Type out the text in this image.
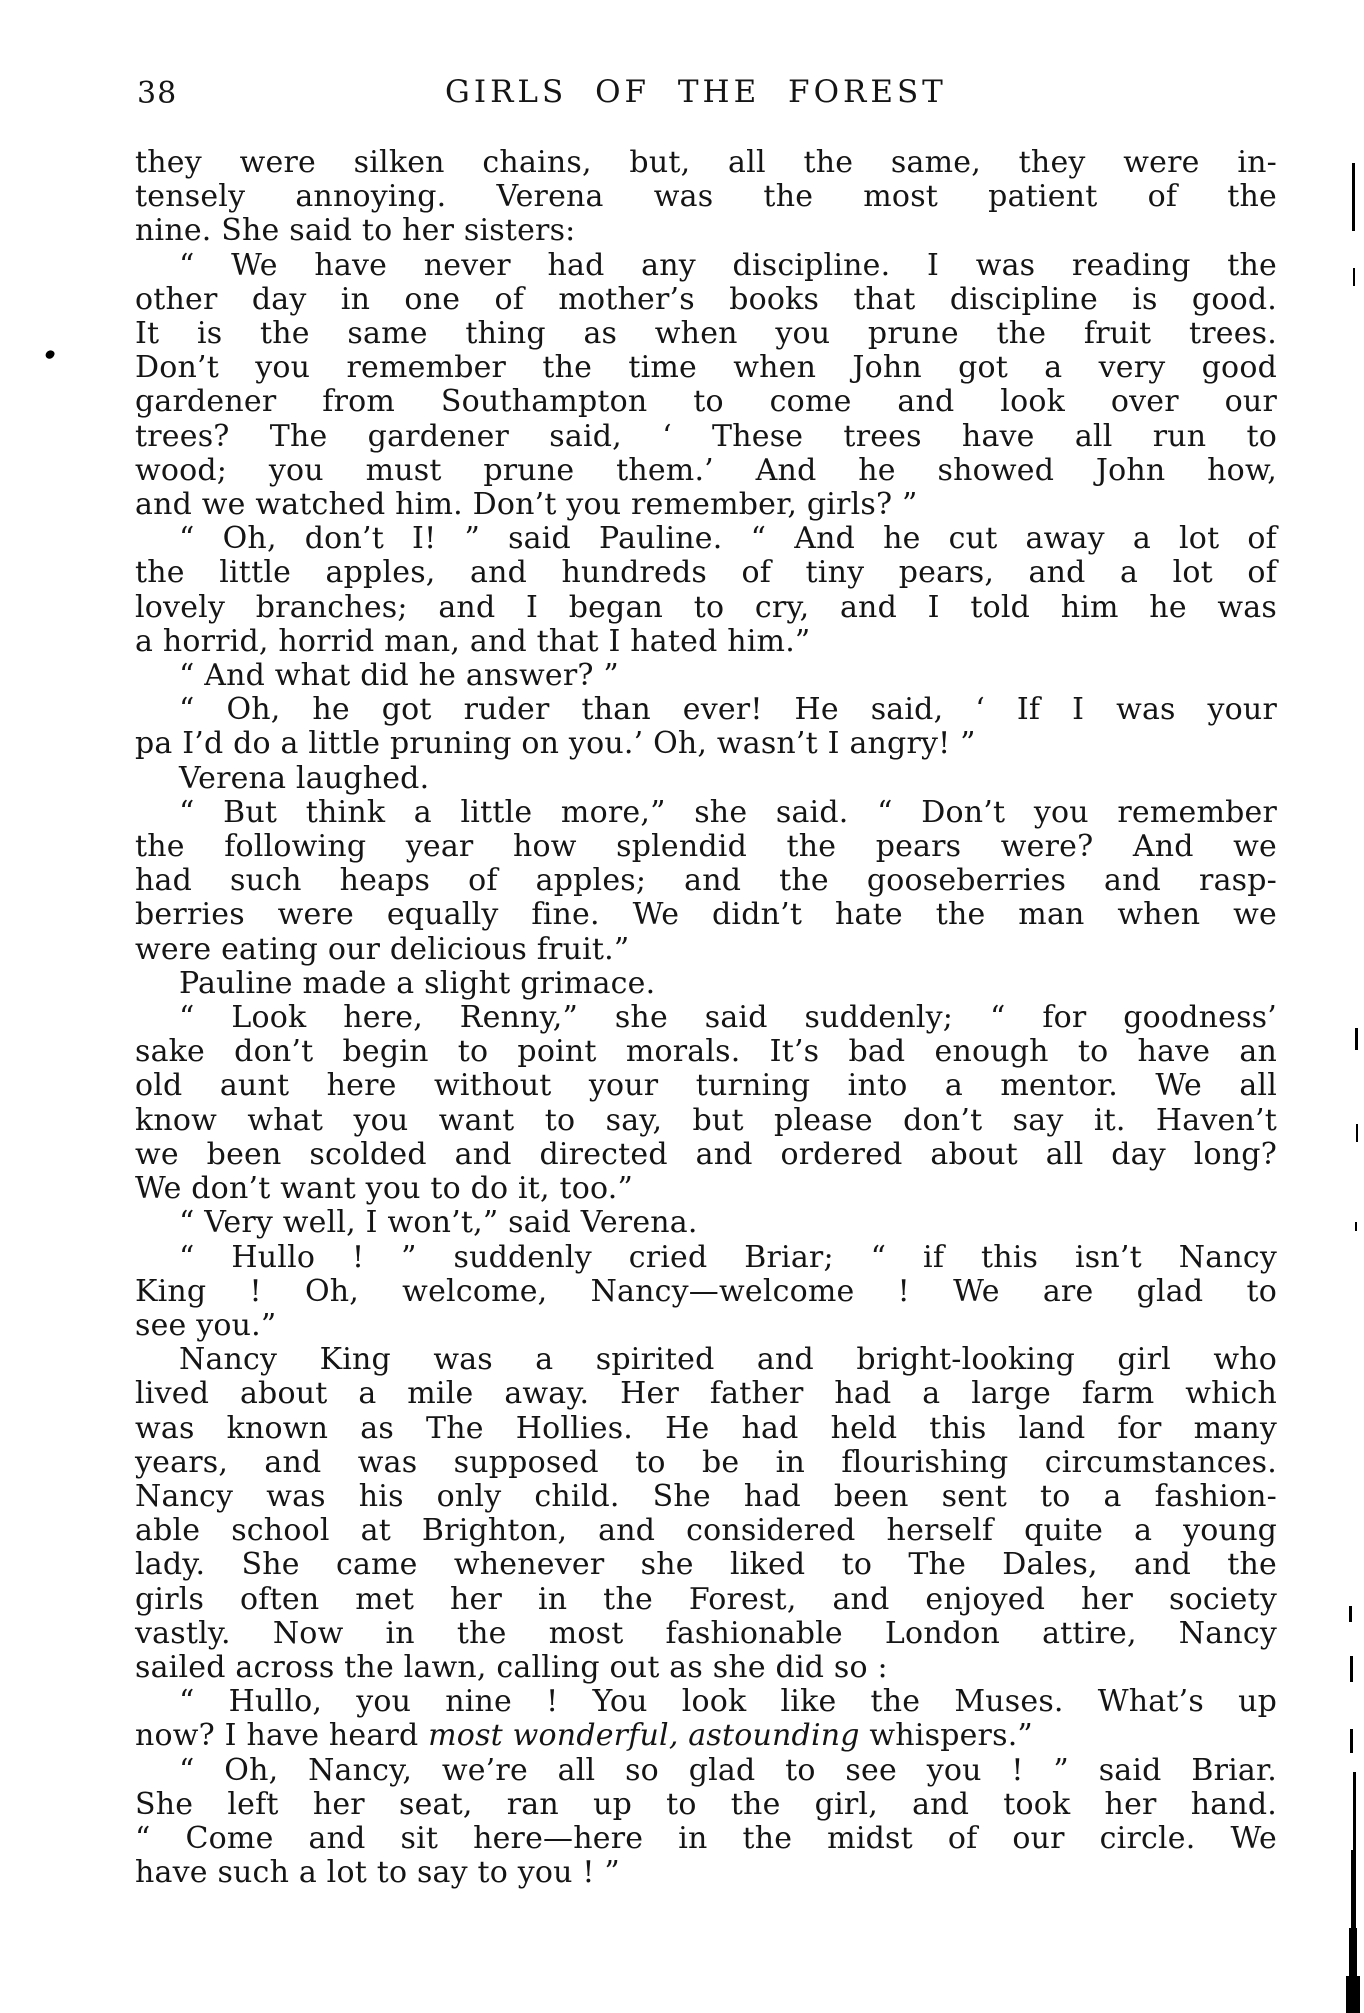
38	GIRLS OF THE FOREST
they were silken chains, but, all the same, they were in-
tensely annoying. Verena was the most patient of the
nine. She said to her sisters:
“ We have never had any discipline. I was reading the
other day in one of mother’s books that discipline is good.
It is the same thing as when you prune the fruit trees.
Don’t you remember the time when John got a very good
gardener from Southampton to come and look over our
trees? The gardener said, ‘ These trees have all run to
wood; you must prune them.’ And he showed John how,
and we watched him. Don’t you remember, girls? ”
“ Oh, don’t I! ” said Pauline. “ And he cut away a lot of
the little apples, and hundreds of tiny pears, and a lot of
lovely branches; and I began to cry, and I told him he was
a horrid, horrid man, and that I hated him.”
“ And what did he answer? ”
“ Oh, he got ruder than ever! He said, ‘ If I was your
pa I’d do a little pruning on you.’ Oh, wasn’t I angry! ”
Verena laughed.
“ But think a little more,” she said. “ Don’t you remember
the following year how splendid the pears were? And we
had such heaps of apples; and the gooseberries and rasp-
berries were equally fine. We didn’t hate the man when we
were eating our delicious fruit.”
Pauline made a slight grimace.
“ Look here, Renny,” she said suddenly; “ for goodness’
sake don’t begin to point morals. It’s bad enough to have an
old aunt here without your turning into a mentor. We all
know what you want to say, but please don’t say it. Haven’t
we been scolded and directed and ordered about all day long?
We don’t want you to do it, too.”
“ Very well, I won’t,” said Verena.
“ Hullo ! ” suddenly cried Briar; “ if this isn’t Nancy
King ! Oh, welcome, Nancy—welcome ! We are glad to
see you.”
Nancy King was a spirited and bright-looking girl who
lived about a mile away. Her father had a large farm which
was known as The Hollies. He had held this land for many
years, and was supposed to be in flourishing circumstances.
Nancy was his only child. She had been sent to a fashion-
able school at Brighton, and considered herself quite a young
lady. She came whenever she liked to The Dales, and the
girls often met her in the Forest, and enjoyed her society
vastly. Now in the most fashionable London attire, Nancy
sailed across the lawn, calling out as she did so :
“ Hullo, you nine ! You look like the Muses. What’s up
now? I have heard most wonderful, astounding whispers.”
“ Oh, Nancy, we’re all so glad to see you ! ” said Briar.
She left her seat, ran up to the girl, and took her hand.
“ Come and sit here—here in the midst of our circle. We
have such a lot to say to you ! ”
